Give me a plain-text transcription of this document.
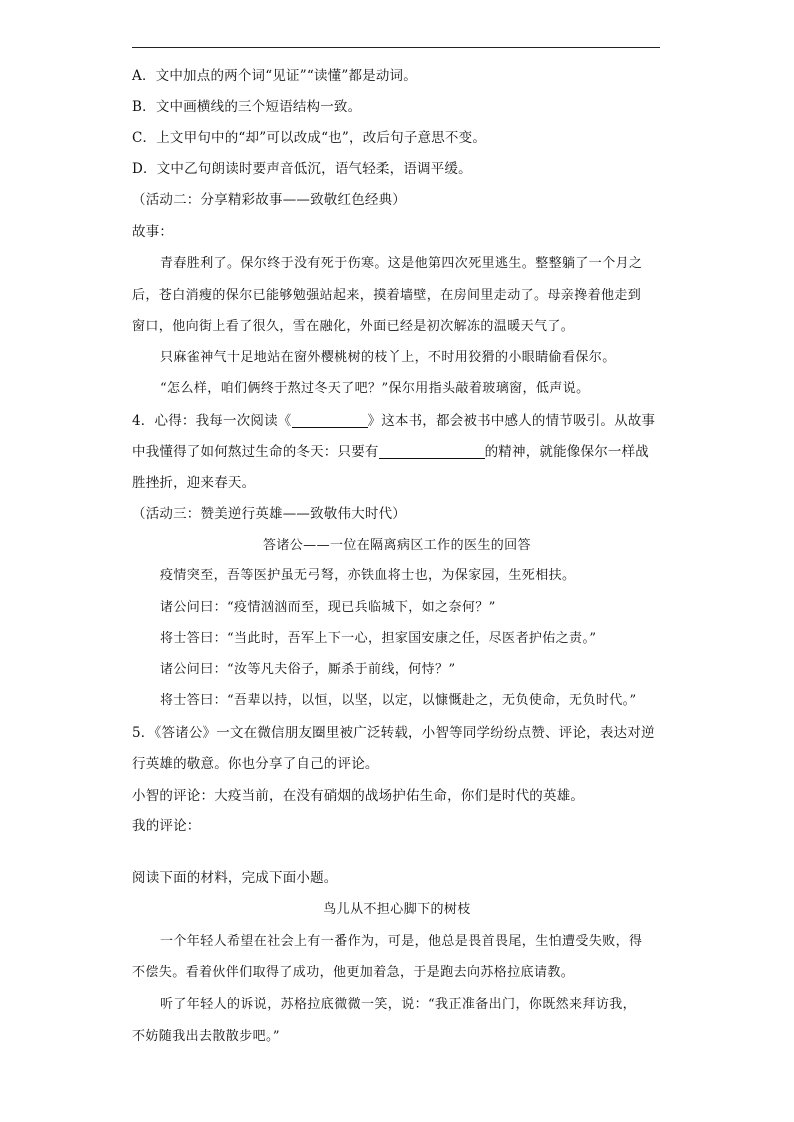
A．文中加点的两个词“见证”“读懂”都是动词。
B．文中画横线的三个短语结构一致。
C．上文甲句中的“却”可以改成“也”，改后句子意思不变。
D．文中乙句朗读时要声音低沉，语气轻柔，语调平缓。
（活动二：分享精彩故事——致敬红色经典）
故事：
青春胜利了。保尔终于没有死于伤寒。这是他第四次死里逃生。整整躺了一个月之
后，苍白消瘦的保尔已能够勉强站起来，摸着墙壁，在房间里走动了。母亲搀着他走到
窗口，他向街上看了很久，雪在融化，外面已经是初次解冻的温暖天气了。
只麻雀神气十足地站在窗外樱桃树的枝丫上，不时用狡猾的小眼睛偷看保尔。
“怎么样，咱们俩终于熬过冬天了吧？”保尔用指头敲着玻璃窗，低声说。
4．心得：我每一次阅读《	》这本书，都会被书中感人的情节吸引。从故事
中我懂得了如何熬过生命的冬天：只要有	的精神，就能像保尔一样战
胜挫折，迎来春天。
（活动三：赞美逆行英雄——致敬伟大时代）
答诸公——一位在隔离病区工作的医生的回答
疫情突至，吾等医护虽无弓弩，亦铁血将士也，为保家园，生死相扶。
诸公问曰：“疫情汹汹而至，现已兵临城下，如之奈何？”
将士答曰：“当此时，吾军上下一心，担家国安康之任，尽医者护佑之责。”
诸公问曰：“汝等凡夫俗子，厮杀于前线，何恃？”
将士答曰：“吾辈以持，以恒，以坚，以定，以慷慨赴之，无负使命，无负时代。”
5．《答诸公》一文在微信朋友圈里被广泛转载，小智等同学纷纷点赞、评论，表达对逆
行英雄的敬意。你也分享了自己的评论。
小智的评论：大疫当前，在没有硝烟的战场护佑生命，你们是时代的英雄。
我的评论：
阅读下面的材料，完成下面小题。
鸟儿从不担心脚下的树枝
一个年轻人希望在社会上有一番作为，可是，他总是畏首畏尾，生怕遭受失败，得
不偿失。看着伙伴们取得了成功，他更加着急，于是跑去向苏格拉底请教。
听了年轻人的诉说，苏格拉底微微一笑，说：“我正准备出门，你既然来拜访我，
不妨随我出去散散步吧。”
